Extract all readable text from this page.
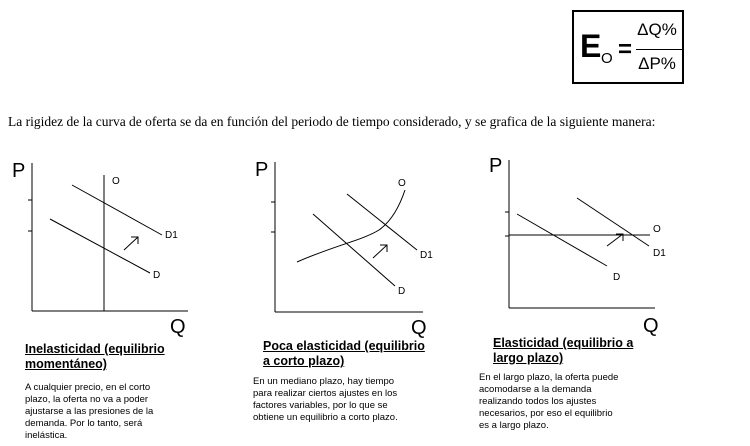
E O =
ΔQ%
ΔP%
La rigidez de la curva de oferta se da en función del periodo de tiempo considerado, y se grafica de la siguiente manera:
P
Q
O
D1
D
Inelasticidad (equilibrio
momentáneo)
A cualquier precio, en el corto
plazo, la oferta no va a poder
ajustarse a las presiones de la
demanda. Por lo tanto, será
inelástica.
P
Q
O
D1
D
Poca elasticidad (equilibrio
a corto plazo)
En un mediano plazo, hay tiempo
para realizar ciertos ajustes en los
factores variables, por lo que se
obtiene un equilibrio a corto plazo.
P
Q
O
D1
D
Elasticidad (equilibrio a
largo plazo)
En el largo plazo, la oferta puede
acomodarse a la demanda
realizando todos los ajustes
necesarios, por eso el equilibrio
es a largo plazo.
